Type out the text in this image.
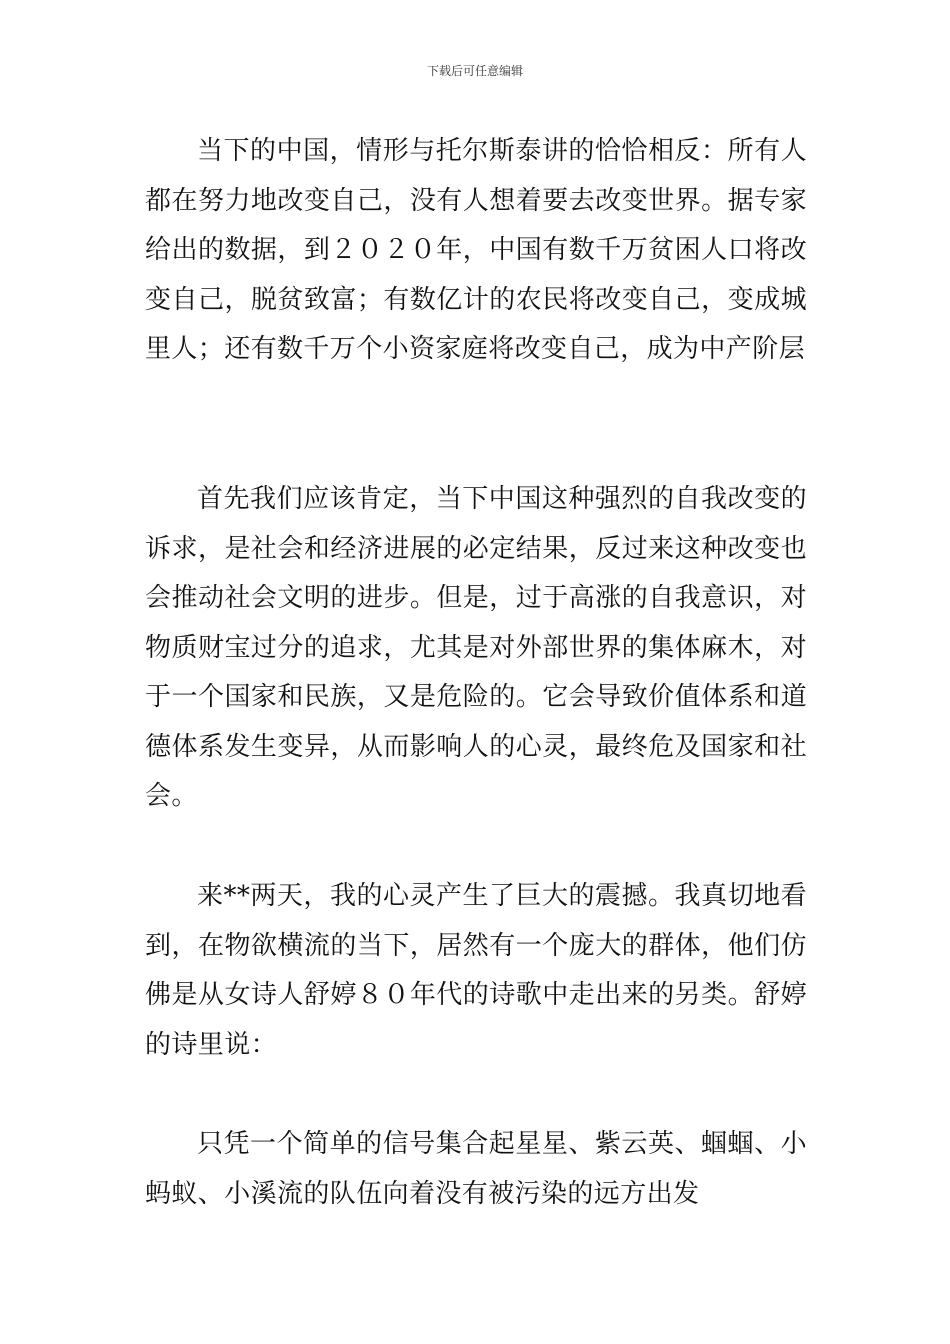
下载后可任意编辑

当下的中国，情形与托尔斯泰讲的恰恰相反：所有人都在努力地改变自己，没有人想着要去改变世界。据专家给出的数据，到２０２０年，中国有数千万贫困人口将改变自己，脱贫致富；有数亿计的农民将改变自己，变成城里人；还有数千万个小资家庭将改变自己，成为中产阶层

首先我们应该肯定，当下中国这种强烈的自我改变的诉求，是社会和经济进展的必定结果，反过来这种改变也会推动社会文明的进步。但是，过于高涨的自我意识，对物质财宝过分的追求，尤其是对外部世界的集体麻木，对于一个国家和民族，又是危险的。它会导致价值体系和道德体系发生变异，从而影响人的心灵，最终危及国家和社会。

来**两天，我的心灵产生了巨大的震撼。我真切地看到，在物欲横流的当下，居然有一个庞大的群体，他们仿佛是从女诗人舒婷８０年代的诗歌中走出来的另类。舒婷的诗里说：

只凭一个简单的信号集合起星星、紫云英、蝈蝈、小蚂蚁、小溪流的队伍向着没有被污染的远方出发
